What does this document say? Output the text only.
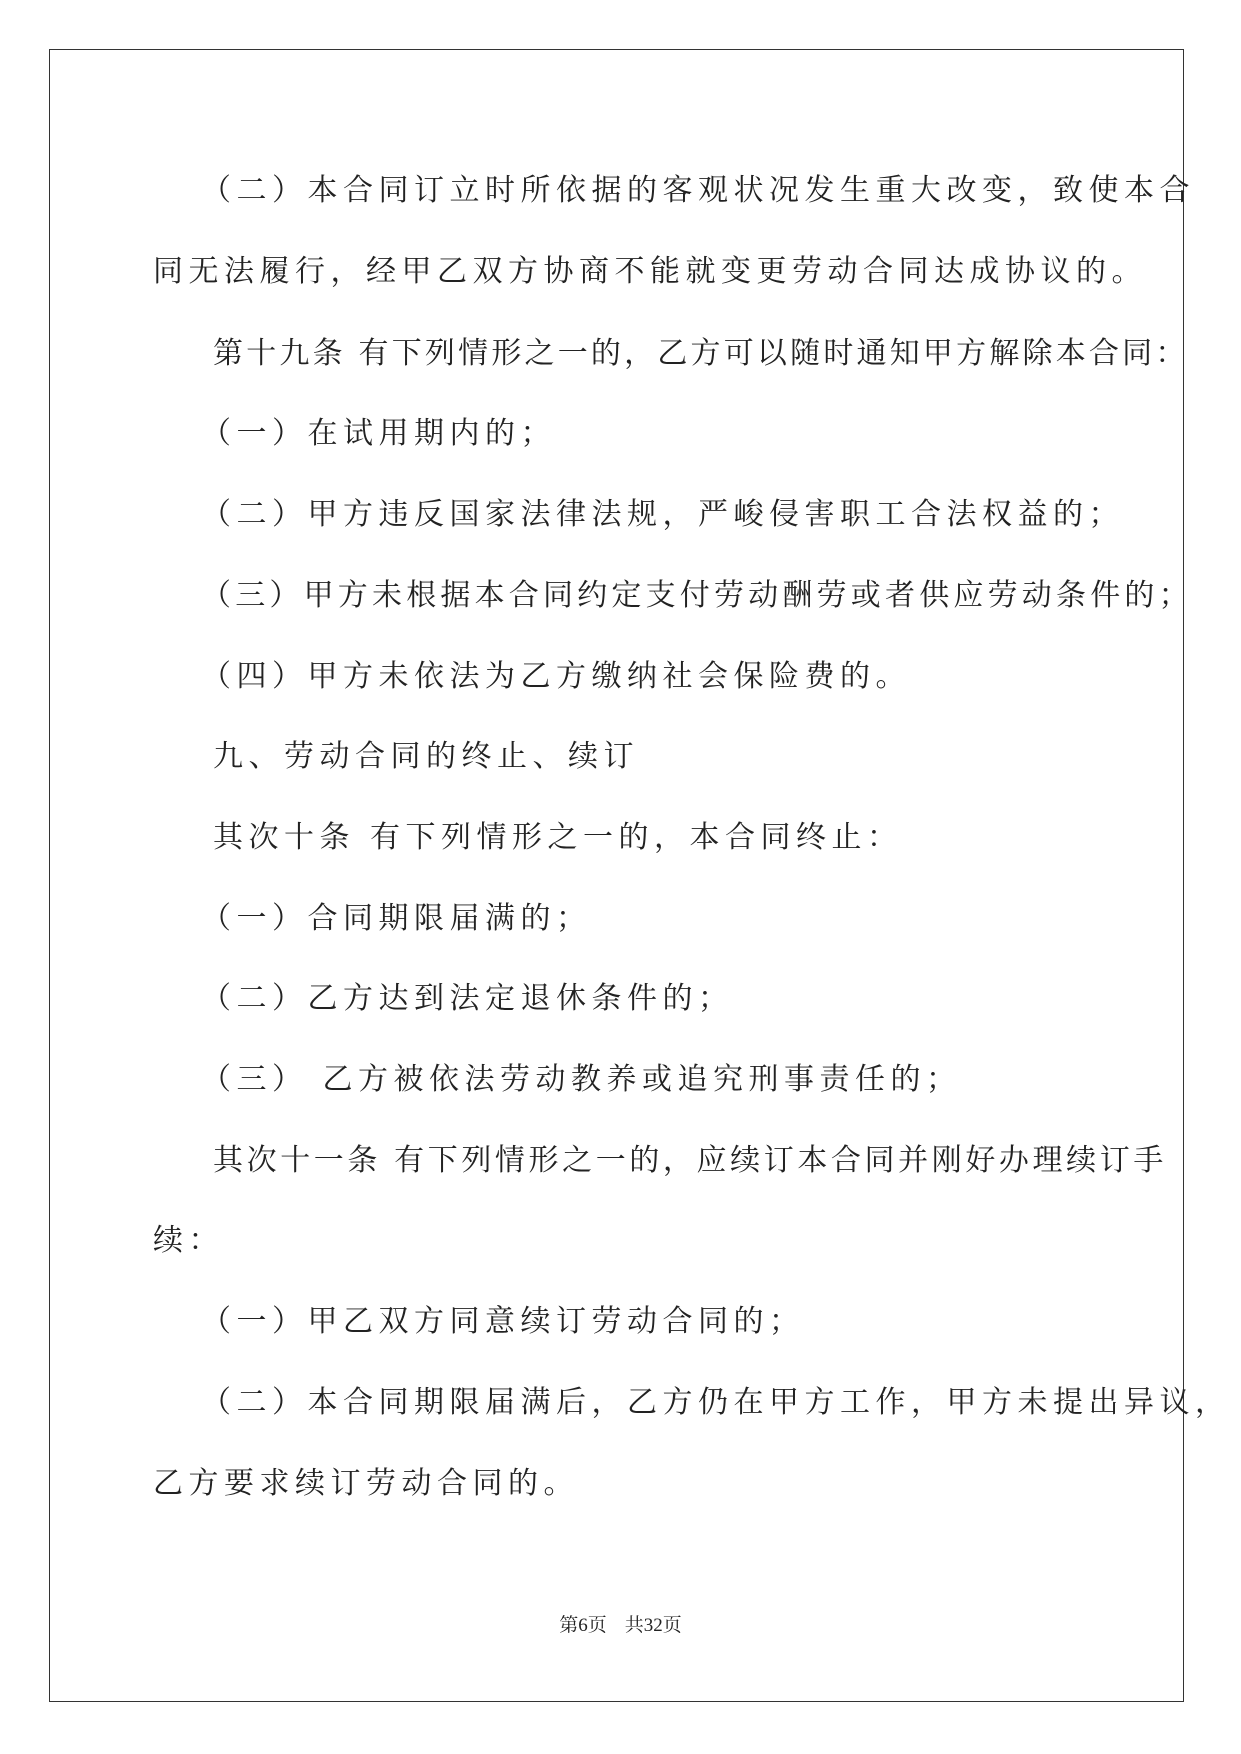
（二）本合同订立时所依据的客观状况发生重大改变，致使本合
同无法履行，经甲乙双方协商不能就变更劳动合同达成协议的。
第十九条 有下列情形之一的，乙方可以随时通知甲方解除本合同：
（一）在试用期内的；
（二）甲方违反国家法律法规，严峻侵害职工合法权益的；
（三）甲方未根据本合同约定支付劳动酬劳或者供应劳动条件的；
（四）甲方未依法为乙方缴纳社会保险费的。
九、劳动合同的终止、续订
其次十条 有下列情形之一的，本合同终止：
（一）合同期限届满的；
（二）乙方达到法定退休条件的；
（三） 乙方被依法劳动教养或追究刑事责任的；
其次十一条 有下列情形之一的，应续订本合同并刚好办理续订手
续：
（一）甲乙双方同意续订劳动合同的；
（二）本合同期限届满后，乙方仍在甲方工作，甲方未提出异议，
乙方要求续订劳动合同的。
第6页 共32页
